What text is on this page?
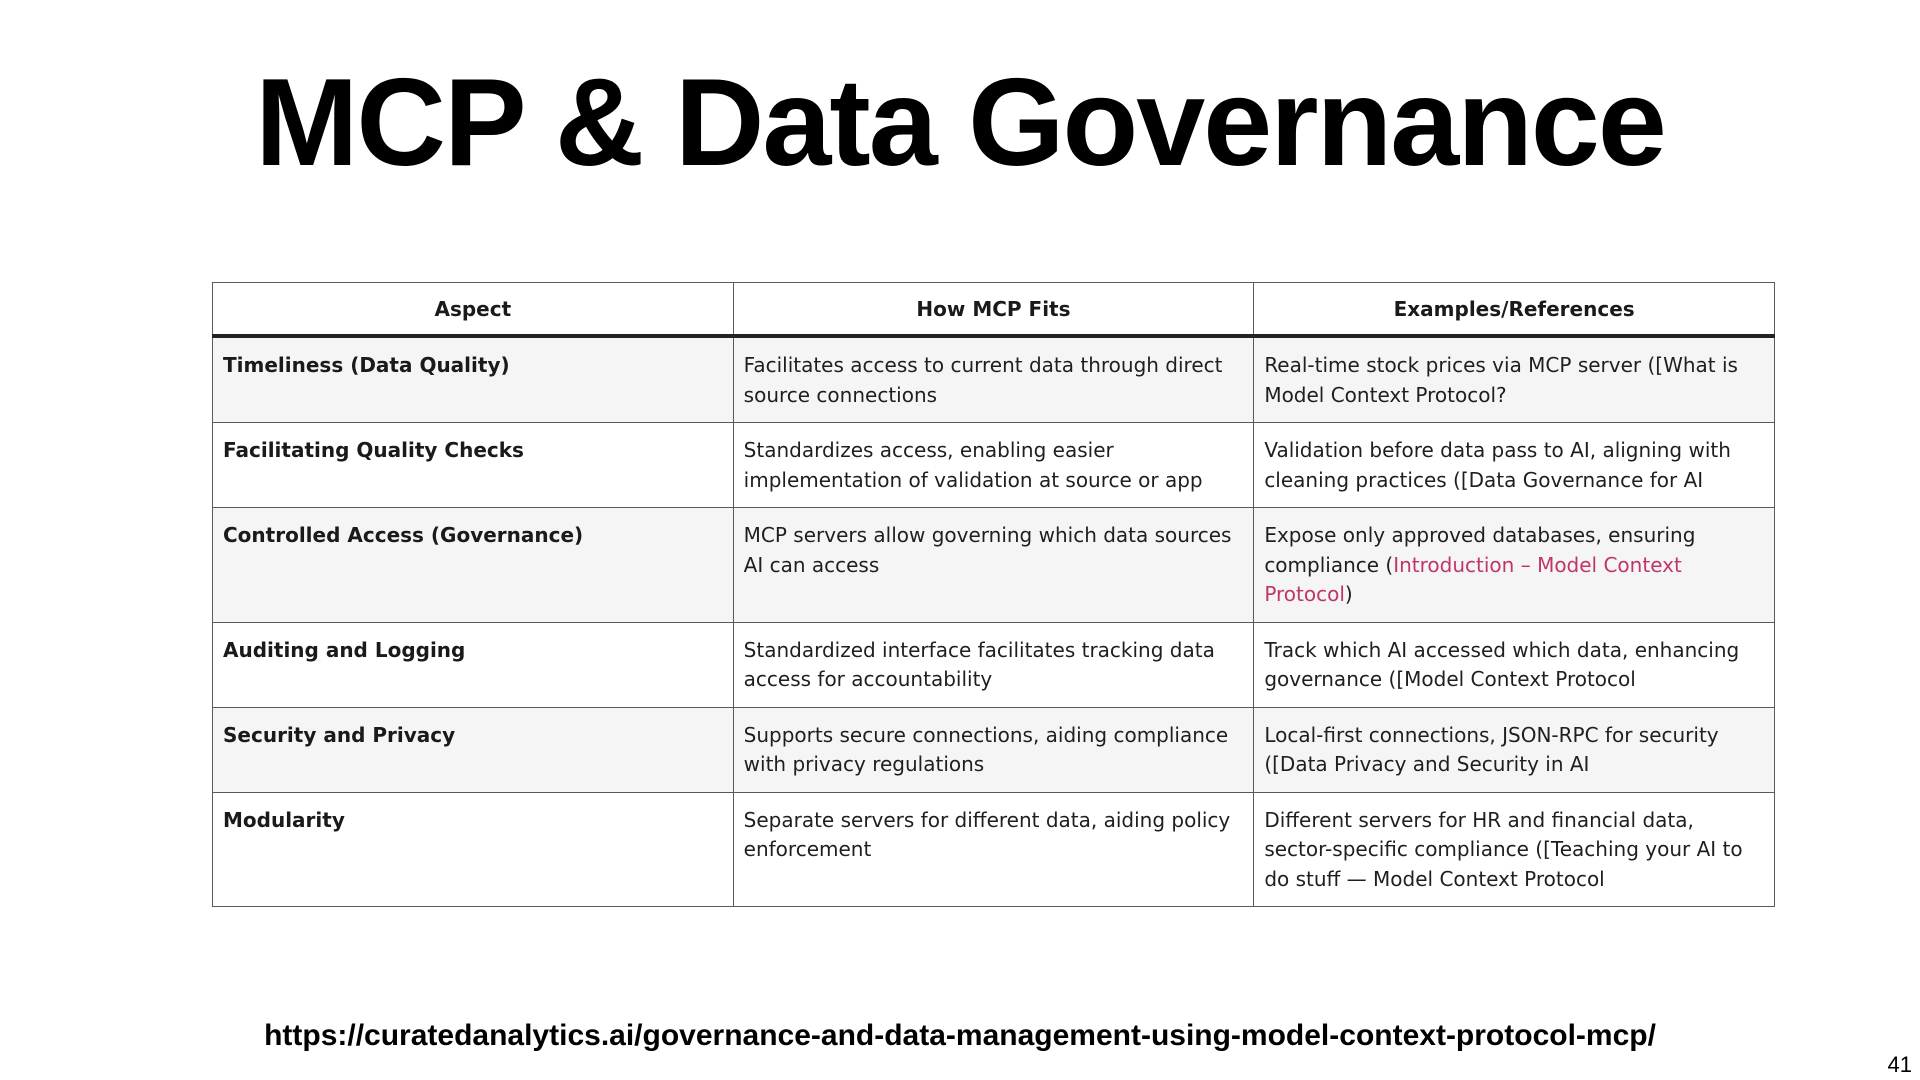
MCP & Data Governance
Aspect	How MCP Fits	Examples/References
Timeliness (Data Quality)	Facilitates access to current data through direct source connections	Real-time stock prices via MCP server ([What is Model Context Protocol?
Facilitating Quality Checks	Standardizes access, enabling easier implementation of validation at source or app	Validation before data pass to AI, aligning with cleaning practices ([Data Governance for AI
Controlled Access (Governance)	MCP servers allow governing which data sources AI can access	Expose only approved databases, ensuring compliance (Introduction – Model Context Protocol)
Auditing and Logging	Standardized interface facilitates tracking data access for accountability	Track which AI accessed which data, enhancing governance ([Model Context Protocol
Security and Privacy	Supports secure connections, aiding compliance with privacy regulations	Local-first connections, JSON-RPC for security ([Data Privacy and Security in AI
Modularity	Separate servers for different data, aiding policy enforcement	Different servers for HR and financial data, sector-specific compliance ([Teaching your AI to do stuff — Model Context Protocol
https://curatedanalytics.ai/governance-and-data-management-using-model-context-protocol-mcp/
41
